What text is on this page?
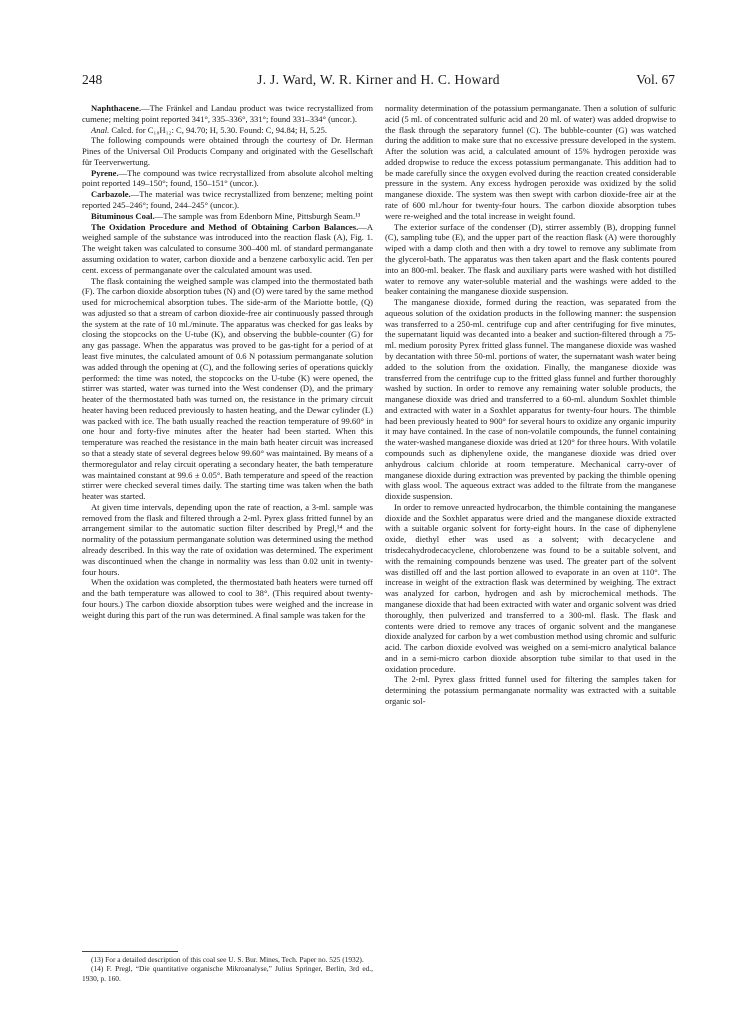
248	J. J. Ward, W. R. Kirner and H. C. Howard	Vol. 67

Naphthacene.—The Fränkel and Landau product was twice recrystallized from cumene; melting point reported 341°, 335–336°, 331°; found 331–334° (uncor.).

Anal. Calcd. for C₁₈H₁₂: C, 94.70; H, 5.30. Found: C, 94.84; H, 5.25.

The following compounds were obtained through the courtesy of Dr. Herman Pines of the Universal Oil Products Company and originated with the Gesellschaft für Teerverwertung.

Pyrene.—The compound was twice recrystallized from absolute alcohol melting point reported 149–150°; found, 150–151° (uncor.).

Carbazole.—The material was twice recrystallized from benzene; melting point reported 245–246°; found, 244–245° (uncor.).

Bituminous Coal.—The sample was from Edenborn Mine, Pittsburgh Seam.¹³

The Oxidation Procedure and Method of Obtaining Carbon Balances.—A weighed sample of the substance was introduced into the reaction flask (A), Fig. 1. The weight taken was calculated to consume 300–400 ml. of standard permanganate assuming oxidation to water, carbon dioxide and a benzene carboxylic acid. Ten per cent. excess of permanganate over the calculated amount was used.

The flask containing the weighed sample was clamped into the thermostated bath (F). The carbon dioxide absorption tubes (N) and (O) were tared by the same method used for microchemical absorption tubes. The side-arm of the Mariotte bottle, (Q) was adjusted so that a stream of carbon dioxide-free air continuously passed through the system at the rate of 10 ml./minute. The apparatus was checked for gas leaks by closing the stopcocks on the U-tube (K), and observing the bubble-counter (G) for any gas passage. When the apparatus was proved to be gas-tight for a period of at least five minutes, the calculated amount of 0.6 N potassium permanganate solution was added through the opening at (C), and the following series of operations quickly performed: the time was noted, the stopcocks on the U-tube (K) were opened, the stirrer was started, water was turned into the West condenser (D), and the primary heater of the thermostated bath was turned on, the resistance in the primary circuit heater having been reduced previously to hasten heating, and the Dewar cylinder (L) was packed with ice. The bath usually reached the reaction temperature of 99.60° in one hour and forty-five minutes after the heater had been started. When this temperature was reached the resistance in the main bath heater circuit was increased so that a steady state of several degrees below 99.60° was maintained. By means of a thermoregulator and relay circuit operating a secondary heater, the bath temperature was maintained constant at 99.6 ± 0.05°. Bath temperature and speed of the reaction stirrer were checked several times daily. The starting time was taken when the bath heater was started.

At given time intervals, depending upon the rate of reaction, a 3-ml. sample was removed from the flask and filtered through a 2-ml. Pyrex glass fritted funnel by an arrangement similar to the automatic suction filter described by Pregl,¹⁴ and the normality of the potassium permanganate solution was determined using the method already described. In this way the rate of oxidation was determined. The experiment was discontinued when the change in normality was less than 0.02 unit in twenty-four hours.

When the oxidation was completed, the thermostated bath heaters were turned off and the bath temperature was allowed to cool to 38°. (This required about twenty-four hours.) The carbon dioxide absorption tubes were weighed and the increase in weight during this part of the run was determined. A final sample was taken for the

(13) For a detailed description of this coal see U. S. Bur. Mines, Tech. Paper no. 525 (1932).

(14) F. Pregl, “Die quantitative organische Mikroanalyse,” Julius Springer, Berlin, 3rd ed., 1930, p. 160.

normality determination of the potassium permanganate. Then a solution of sulfuric acid (5 ml. of concentrated sulfuric acid and 20 ml. of water) was added dropwise to the flask through the separatory funnel (C). The bubble-counter (G) was watched during the addition to make sure that no excessive pressure developed in the system. After the solution was acid, a calculated amount of 15% hydrogen peroxide was added dropwise to reduce the excess potassium permanganate. This addition had to be made carefully since the oxygen evolved during the reaction created considerable pressure in the system. Any excess hydrogen peroxide was oxidized by the solid manganese dioxide. The system was then swept with carbon dioxide-free air at the rate of 600 ml./hour for twenty-four hours. The carbon dioxide absorption tubes were re-weighed and the total increase in weight found.

The exterior surface of the condenser (D), stirrer assembly (B), dropping funnel (C), sampling tube (E), and the upper part of the reaction flask (A) were thoroughly wiped with a damp cloth and then with a dry towel to remove any sublimate from the glycerol-bath. The apparatus was then taken apart and the flask contents poured into an 800-ml. beaker. The flask and auxiliary parts were washed with hot distilled water to remove any water-soluble material and the washings were added to the beaker containing the manganese dioxide suspension.

The manganese dioxide, formed during the reaction, was separated from the aqueous solution of the oxidation products in the following manner: the suspension was transferred to a 250-ml. centrifuge cup and after centrifuging for five minutes, the supernatant liquid was decanted into a beaker and suction-filtered through a 75-ml. medium porosity Pyrex fritted glass funnel. The manganese dioxide was washed by decantation with three 50-ml. portions of water, the supernatant wash water being added to the solution from the oxidation. Finally, the manganese dioxide was transferred from the centrifuge cup to the fritted glass funnel and further thoroughly washed by suction. In order to remove any remaining water soluble products, the manganese dioxide was dried and transferred to a 60-ml. alundum Soxhlet thimble and extracted with water in a Soxhlet apparatus for twenty-four hours. The thimble had been previously heated to 900° for several hours to oxidize any organic impurity it may have contained. In the case of non-volatile compounds, the funnel containing the water-washed manganese dioxide was dried at 120° for three hours. With volatile compounds such as diphenylene oxide, the manganese dioxide was dried over anhydrous calcium chloride at room temperature. Mechanical carry-over of manganese dioxide during extraction was prevented by packing the thimble opening with glass wool. The aqueous extract was added to the filtrate from the manganese dioxide suspension.

In order to remove unreacted hydrocarbon, the thimble containing the manganese dioxide and the Soxhlet apparatus were dried and the manganese dioxide extracted with a suitable organic solvent for forty-eight hours. In the case of diphenylene oxide, diethyl ether was used as a solvent; with decacyclene and trisdecahydrodecacyclene, chlorobenzene was found to be a suitable solvent, and with the remaining compounds benzene was used. The greater part of the solvent was distilled off and the last portion allowed to evaporate in an oven at 110°. The increase in weight of the extraction flask was determined by weighing. The extract was analyzed for carbon, hydrogen and ash by microchemical methods. The manganese dioxide that had been extracted with water and organic solvent was dried thoroughly, then pulverized and transferred to a 300-ml. flask. The flask and contents were dried to remove any traces of organic solvent and the manganese dioxide analyzed for carbon by a wet combustion method using chromic and sulfuric acid. The carbon dioxide evolved was weighed on a semi-micro analytical balance and in a semi-micro carbon dioxide absorption tube similar to that used in the oxidation procedure.

The 2-ml. Pyrex glass fritted funnel used for filtering the samples taken for determining the potassium permanganate normality was extracted with a suitable organic sol-
